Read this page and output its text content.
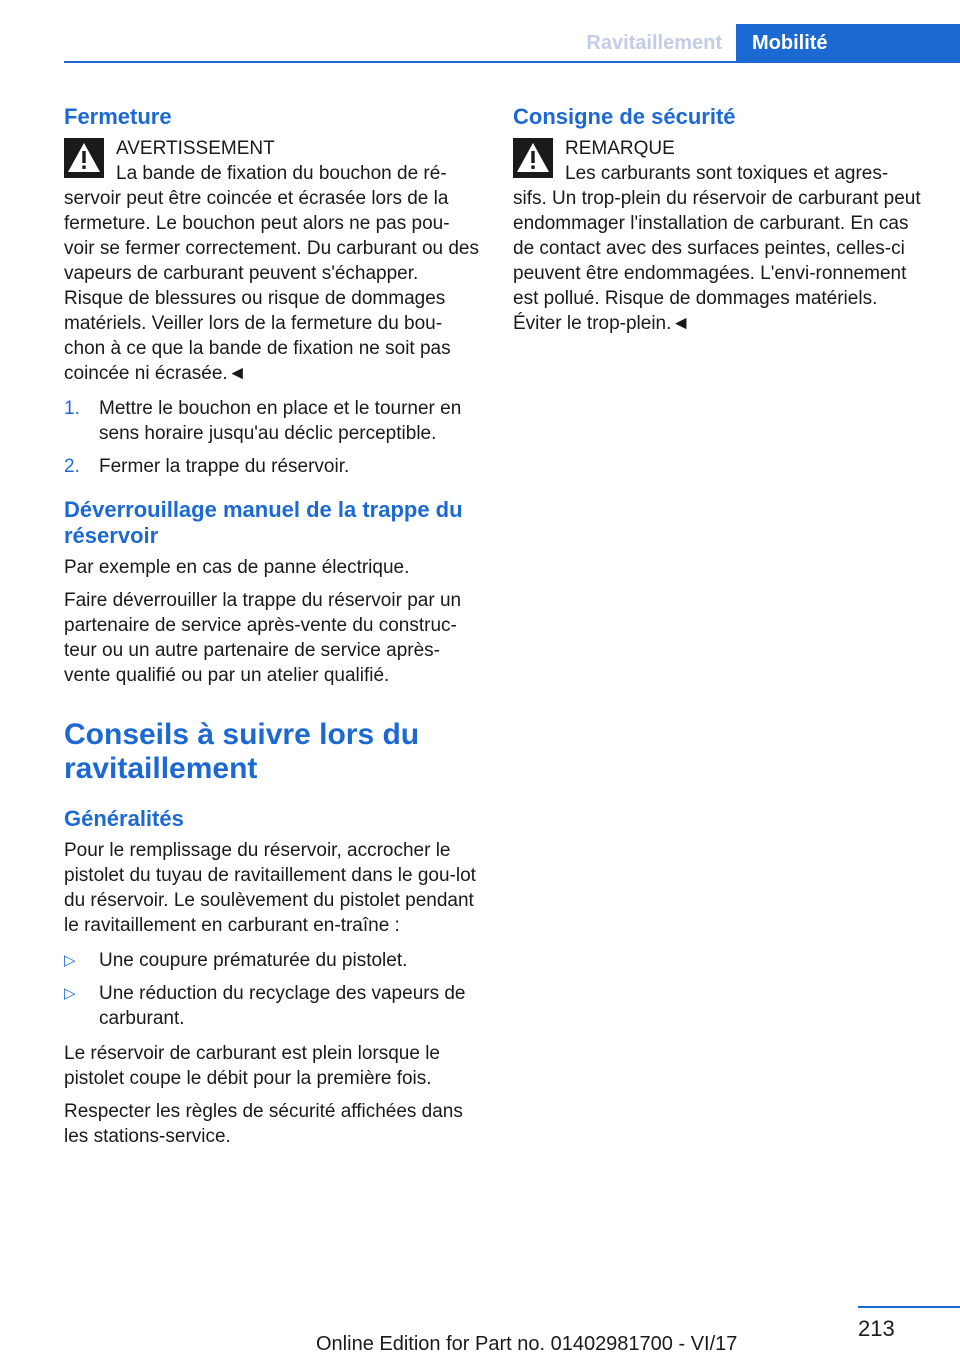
Ravitaillement	Mobilité
Fermeture
AVERTISSEMENT
La bande de fixation du bouchon de ré-

servoir peut être coincée et écrasée lors de la fermeture. Le bouchon peut alors ne pas pou-voir se fermer correctement. Du carburant ou des vapeurs de carburant peuvent s'échapper. Risque de blessures ou risque de dommages matériels. Veiller lors de la fermeture du bou-chon à ce que la bande de fixation ne soit pas coincée ni écrasée.◄

1.	Mettre le bouchon en place et le tourner en sens horaire jusqu'au déclic perceptible.
2.	Fermer la trappe du réservoir.
Déverrouillage manuel de la trappe du réservoir

Par exemple en cas de panne électrique.

Faire déverrouiller la trappe du réservoir par un partenaire de service après-vente du construc-teur ou un autre partenaire de service après-vente qualifié ou par un atelier qualifié.

Conseils à suivre lors du ravitaillement
Généralités

Pour le remplissage du réservoir, accrocher le pistolet du tuyau de ravitaillement dans le gou-lot du réservoir. Le soulèvement du pistolet pendant le ravitaillement en carburant en-traîne :

▷	Une coupure prématurée du pistolet.
▷	Une réduction du recyclage des vapeurs de carburant.

Le réservoir de carburant est plein lorsque le pistolet coupe le débit pour la première fois.

Respecter les règles de sécurité affichées dans les stations-service.

Consigne de sécurité
REMARQUE
Les carburants sont toxiques et agres-

sifs. Un trop-plein du réservoir de carburant peut endommager l'installation de carburant. En cas de contact avec des surfaces peintes, celles-ci peuvent être endommagées. L'envi-ronnement est pollué. Risque de dommages matériels. Éviter le trop-plein.◄

213
Online Edition for Part no. 01402981700 - VI/17
